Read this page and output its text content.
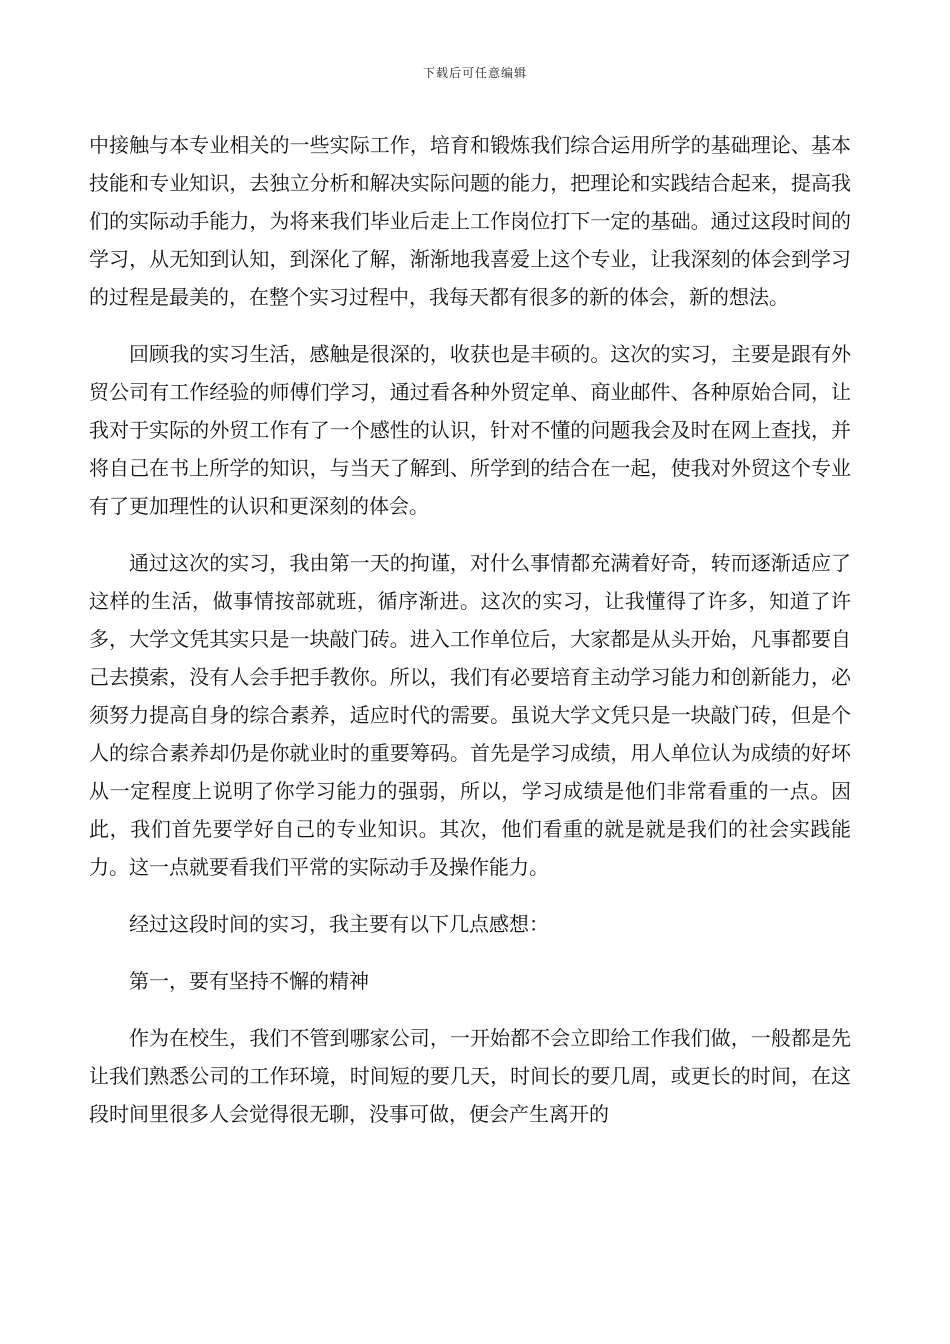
下载后可任意编辑

中接触与本专业相关的一些实际工作，培育和锻炼我们综合运用所学的基础理论、基本技能和专业知识，去独立分析和解决实际问题的能力，把理论和实践结合起来，提高我们的实际动手能力，为将来我们毕业后走上工作岗位打下一定的基础。通过这段时间的学习，从无知到认知，到深化了解，渐渐地我喜爱上这个专业，让我深刻的体会到学习的过程是最美的，在整个实习过程中，我每天都有很多的新的体会，新的想法。

回顾我的实习生活，感触是很深的，收获也是丰硕的。这次的实习，主要是跟有外贸公司有工作经验的师傅们学习，通过看各种外贸定单、商业邮件、各种原始合同，让我对于实际的外贸工作有了一个感性的认识，针对不懂的问题我会及时在网上查找，并将自己在书上所学的知识，与当天了解到、所学到的结合在一起，使我对外贸这个专业有了更加理性的认识和更深刻的体会。

通过这次的实习，我由第一天的拘谨，对什么事情都充满着好奇，转而逐渐适应了这样的生活，做事情按部就班，循序渐进。这次的实习，让我懂得了许多，知道了许多，大学文凭其实只是一块敲门砖。进入工作单位后，大家都是从头开始，凡事都要自己去摸索，没有人会手把手教你。所以，我们有必要培育主动学习能力和创新能力，必须努力提高自身的综合素养，适应时代的需要。虽说大学文凭只是一块敲门砖，但是个人的综合素养却仍是你就业时的重要筹码。首先是学习成绩，用人单位认为成绩的好坏从一定程度上说明了你学习能力的强弱，所以，学习成绩是他们非常看重的一点。因此，我们首先要学好自己的专业知识。其次，他们看重的就是就是我们的社会实践能力。这一点就要看我们平常的实际动手及操作能力。

经过这段时间的实习，我主要有以下几点感想：

第一，要有坚持不懈的精神

作为在校生，我们不管到哪家公司，一开始都不会立即给工作我们做，一般都是先让我们熟悉公司的工作环境，时间短的要几天，时间长的要几周，或更长的时间，在这段时间里很多人会觉得很无聊，没事可做，便会产生离开的
